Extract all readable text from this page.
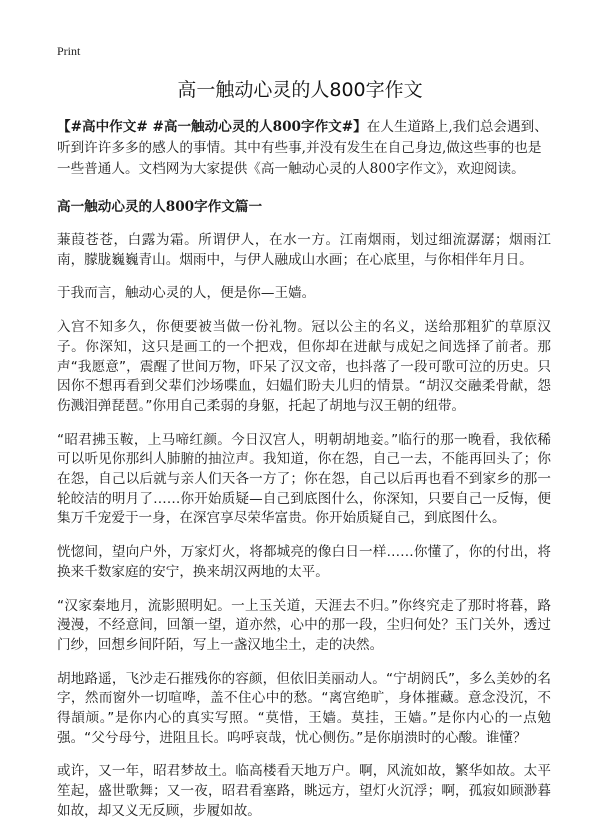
Print
高一触动心灵的人800字作文

【#高中作文# #高一触动心灵的人800字作文#】在人生道路上,我们总会遇到、听到许许多多的感人的事情。其中有些事,并没有发生在自己身边,做这些事的也是一些普通人。文档网为大家提供《高一触动心灵的人800字作文》，欢迎阅读。

高一触动心灵的人800字作文篇一

蒹葭苍苍，白露为霜。所谓伊人，在水一方。江南烟雨，划过细流潺潺；烟雨江南，朦胧巍巍青山。烟雨中，与伊人融成山水画；在心底里，与你相伴年月日。

于我而言，触动心灵的人，便是你—王嫱。

入宫不知多久，你便要被当做一份礼物。冠以公主的名义，送给那粗犷的草原汉子。你深知，这只是画工的一个把戏，但你却在进献与成妃之间选择了前者。那声“我愿意”，震醒了世间万物，吓呆了汉文帝，也抖落了一段可歌可泣的历史。只因你不想再看到父辈们沙场喋血，妇媪们盼夫儿归的情景。“胡汉交融柔骨献，怨伤溅泪弹琵琶。”你用自己柔弱的身躯，托起了胡地与汉王朝的纽带。

“昭君拂玉鞍，上马啼红颜。今日汉宫人，明朝胡地妾。”临行的那一晚看，我依稀可以听见你那纠人肺腑的抽泣声。我知道，你在怨，自己一去，不能再回头了；你在怨，自己以后就与亲人们天各一方了；你在怨，自己以后再也看不到家乡的那一轮皎洁的明月了……你开始质疑—自己到底图什么，你深知，只要自己一反悔，便集万千宠爱于一身，在深宫享尽荣华富贵。你开始质疑自己，到底图什么。

恍惚间，望向户外，万家灯火，将都城亮的像白日一样……你懂了，你的付出，将换来千数家庭的安宁，换来胡汉两地的太平。

“汉家秦地月，流影照明妃。一上玉关道，天涯去不归。”你终究走了那时将暮，路漫漫，不经意间，回頷一望，道亦然，心中的那一段，尘归何处？玉门关外，透过门纱，回想乡间阡陌，写上一盏汉地尘土，走的决然。

胡地路遥，飞沙走石摧残你的容颜，但依旧美丽动人。“宁胡阏氏”，多么美妙的名字，然而窗外一切喧哗，盖不住心中的愁。“离宫绝旷，身体摧藏。意念没沉，不得頡颃。”是你内心的真实写照。“莫惜，王嫱。莫挂，王嫱。”是你内心的一点勉强。“父兮母兮，进阻且长。呜呼哀哉，忧心侧伤。”是你崩溃时的心酸。谁懂？

或许，又一年，昭君梦故土。临高楼看天地万户。啊，风流如故，繁华如故。太平笙起，盛世歌舞；又一夜，昭君看塞路，眺远方，望灯火沉浮；啊，孤寂如顾渺暮如故，却又义无反顾，步履如故。
